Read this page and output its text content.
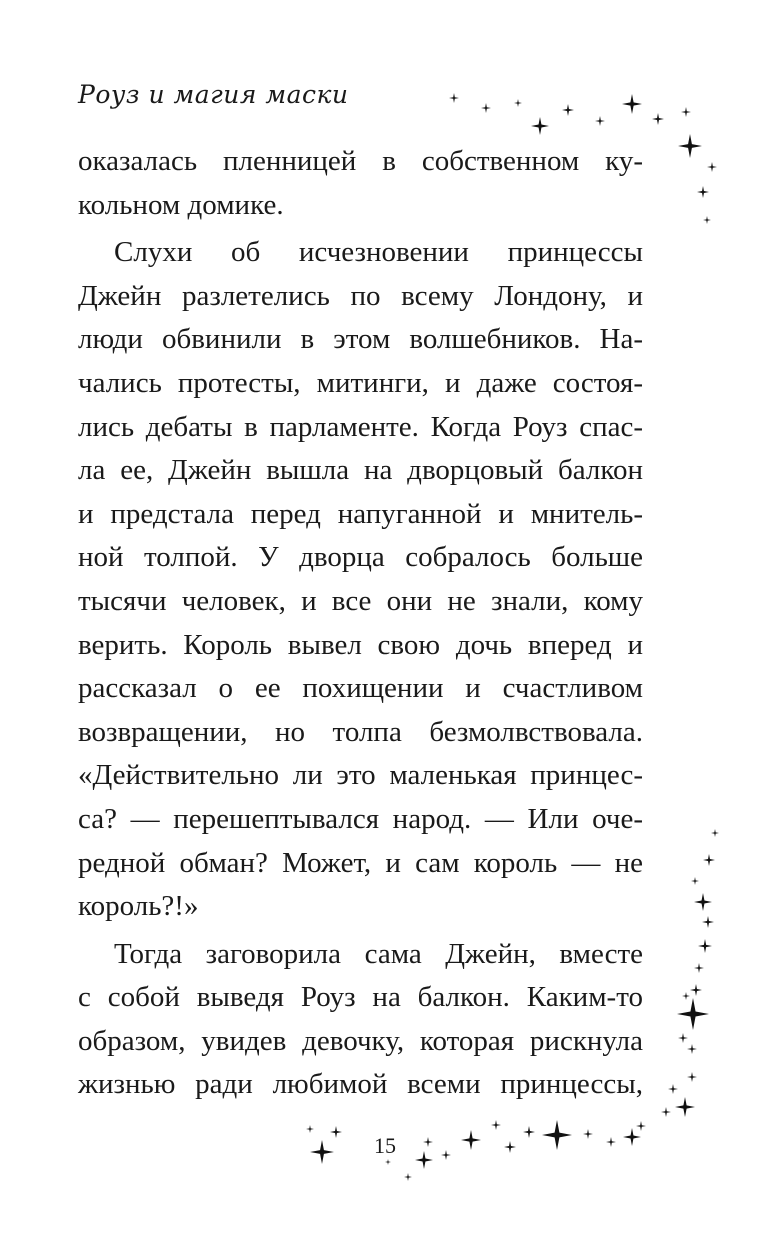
Роуз и магия маски
оказалась пленницей в собственном ку-
кольном домике.
Слухи об исчезновении принцессы
Джейн разлетелись по всему Лондону, и
люди обвинили в этом волшебников. На-
чались протесты, митинги, и даже состоя-
лись дебаты в парламенте. Когда Роуз спас-
ла ее, Джейн вышла на дворцовый балкон
и предстала перед напуганной и мнитель-
ной толпой. У дворца собралось больше
тысячи человек, и все они не знали, кому
верить. Король вывел свою дочь вперед и
рассказал о ее похищении и счастливом
возвращении, но толпа безмолвствовала.
«Действительно ли это маленькая принцес-
са? — перешептывался народ. — Или оче-
редной обман? Может, и сам король — не
король?!»
Тогда заговорила сама Джейн, вместе
с собой выведя Роуз на балкон. Каким-то
образом, увидев девочку, которая рискнула
жизнью ради любимой всеми принцессы,
15
